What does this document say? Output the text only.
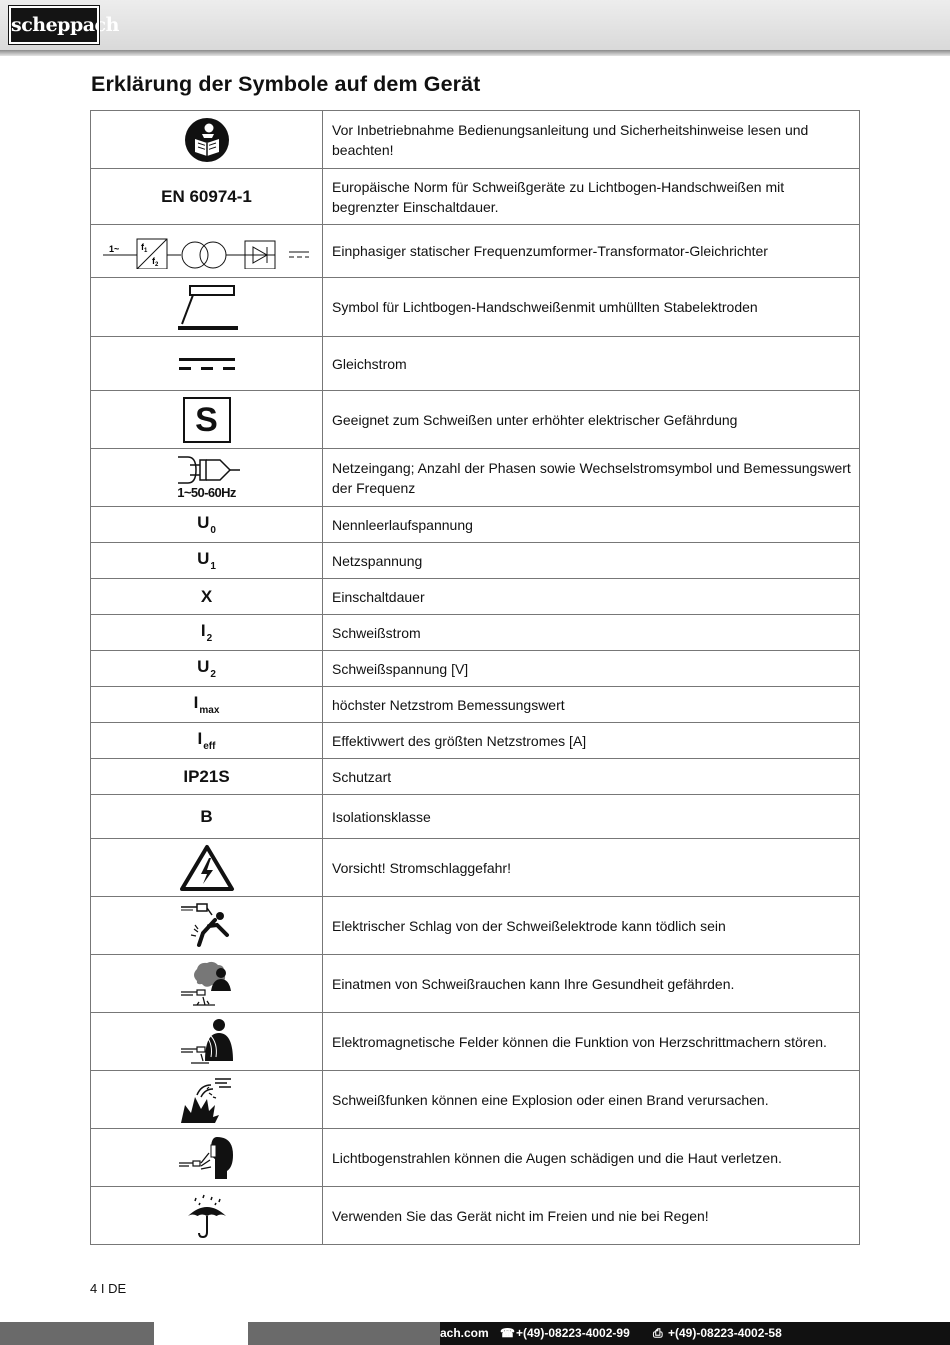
scheppach
Erklärung der Symbole auf dem Gerät
	Vor Inbetriebnahme Bedienungsanleitung und Sicherheitshinweise lesen und beachten!
EN 60974-1	Europäische Norm für Schweißgeräte zu Lichtbogen-Handschweißen mit begrenzter Einschaltdauer.

1~ $f_1$
$f_2$	Einphasiger statischer Frequenzumformer-Transformator-Gleichrichter

	Symbol für Lichtbogen-Handschweißenmit umhüllten Stabelektroden

	Gleichstrom
S	Geeignet zum Schweißen unter erhöhter elektrischer Gefährdung

1~50-60Hz	Netzeingang; Anzahl der Phasen sowie Wechselstromsymbol und Bemessungswert der Frequenz
$U_0$	Nennleerlaufspannung
$U_1$	Netzspannung
X	Einschaltdauer
$I_2$	Schweißstrom
$U_2$	Schweißspannung [V]
$I_{max}$	höchster Netzstrom Bemessungswert
$I_{eff}$	Effektivwert des größten Netzstromes [A]
IP21S	Schutzart
B	Isolationsklasse

	Vorsicht! Stromschlaggefahr!

	Elektrischer Schlag von der Schweißelektrode kann tödlich sein

	Einatmen von Schweißrauchen kann Ihre Gesundheit gefährden.

	Elektromagnetische Felder können die Funktion von Herzschrittmachern stören.

	Schweißfunken können eine Explosion oder einen Brand verursachen.

	Lichtbogenstrahlen können die Augen schädigen und die Haut verletzen.

	Verwenden Sie das Gerät nicht im Freien und nie bei Regen!
4 I DE
ach.com ☎ +(49)-08223-4002-99 ⎙ +(49)-08223-4002-58
